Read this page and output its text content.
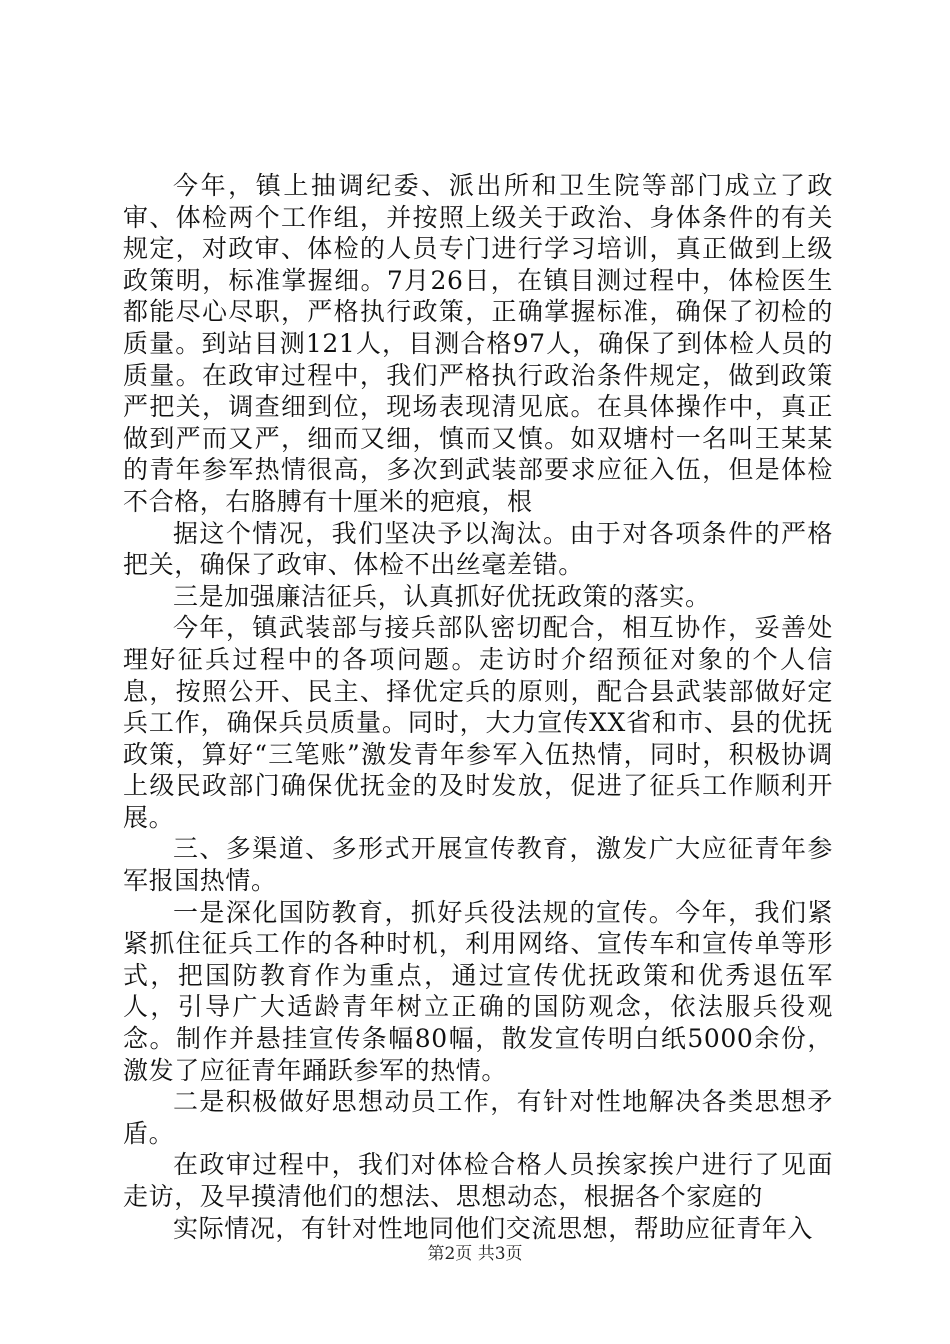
今年，镇上抽调纪委、派出所和卫生院等部门成立了政审、体检两个工作组，并按照上级关于政治、身体条件的有关规定，对政审、体检的人员专门进行学习培训，真正做到上级政策明，标准掌握细。7月26日，在镇目测过程中，体检医生都能尽心尽职，严格执行政策，正确掌握标准，确保了初检的质量。到站目测121人，目测合格97人，确保了到体检人员的质量。在政审过程中，我们严格执行政治条件规定，做到政策严把关，调查细到位，现场表现清见底。在具体操作中，真正做到严而又严，细而又细，慎而又慎。如双塘村一名叫王某某的青年参军热情很高，多次到武装部要求应征入伍，但是体检不合格，右胳膊有十厘米的疤痕，根

据这个情况，我们坚决予以淘汰。由于对各项条件的严格把关，确保了政审、体检不出丝毫差错。

三是加强廉洁征兵，认真抓好优抚政策的落实。

今年，镇武装部与接兵部队密切配合，相互协作，妥善处理好征兵过程中的各项问题。走访时介绍预征对象的个人信息，按照公开、民主、择优定兵的原则，配合县武装部做好定兵工作，确保兵员质量。同时，大力宣传XX省和市、县的优抚政策，算好“三笔账”激发青年参军入伍热情，同时，积极协调上级民政部门确保优抚金的及时发放，促进了征兵工作顺利开展。

三、多渠道、多形式开展宣传教育，激发广大应征青年参军报国热情。

一是深化国防教育，抓好兵役法规的宣传。今年，我们紧紧抓住征兵工作的各种时机，利用网络、宣传车和宣传单等形式，把国防教育作为重点，通过宣传优抚政策和优秀退伍军人，引导广大适龄青年树立正确的国防观念，依法服兵役观念。制作并悬挂宣传条幅80幅，散发宣传明白纸5000余份，激发了应征青年踊跃参军的热情。

二是积极做好思想动员工作，有针对性地解决各类思想矛盾。

在政审过程中，我们对体检合格人员挨家挨户进行了见面走访，及早摸清他们的想法、思想动态，根据各个家庭的

实际情况，有针对性地同他们交流思想，帮助应征青年入

第2页 共3页
